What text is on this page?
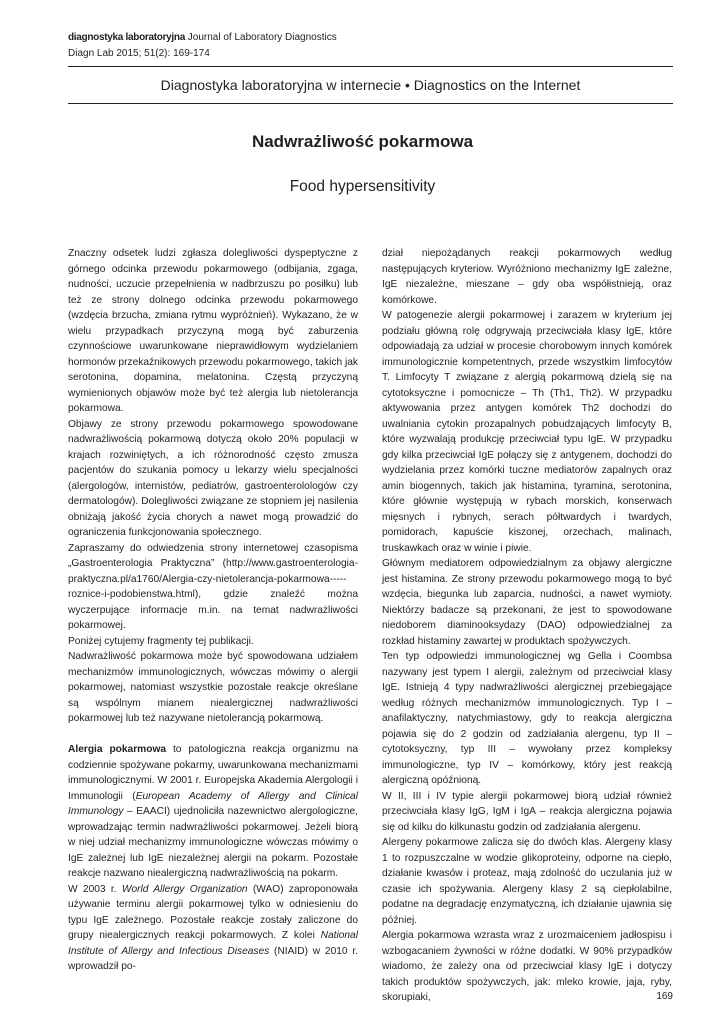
diagnostyka laboratoryjna Journal of Laboratory Diagnostics
Diagn Lab 2015; 51(2): 169-174
Diagnostyka laboratoryjna w internecie • Diagnostics on the Internet
Nadwrażliwość pokarmowa
Food hypersensitivity

Znaczny odsetek ludzi zgłasza dolegliwości dyspeptyczne z górnego odcinka przewodu pokarmowego (odbijania, zgaga, nudności, uczucie przepełnienia w nadbrzuszu po posiłku) lub też ze strony dolnego odcinka przewodu pokarmowego (wzdęcia brzucha, zmiana rytmu wypróżnień). Wykazano, że w wielu przypadkach przyczyną mogą być zaburzenia czynnościowe uwarunkowane nieprawidłowym wydzielaniem hormonów przekaźnikowych przewodu pokarmowego, takich jak serotonina, dopamina, melatonina. Częstą przyczyną wymienionych objawów może być też alergia lub nietolerancja pokarmowa.

Objawy ze strony przewodu pokarmowego spowodowane nadwrażliwością pokarmową dotyczą około 20% populacji w krajach rozwiniętych, a ich różnorodność często zmusza pacjentów do szukania pomocy u lekarzy wielu specjalności (alergologów, internistów, pediatrów, gastroenterolologów czy dermatologów). Dolegliwości związane ze stopniem jej nasilenia obniżają jakość życia chorych a nawet mogą prowadzić do ograniczenia funkcjonowania społecznego.

Zapraszamy do odwiedzenia strony internetowej czasopisma „Gastroenterologia Praktyczna” (http://www.gastroenterologia-praktyczna.pl/a1760/Alergia-czy-nietolerancja-pokarmowa-----roznice-i-podobienstwa.html), gdzie znaleźć można wyczerpujące informacje m.in. na temat nadwrażliwości pokarmowej.

Poniżej cytujemy fragmenty tej publikacji.

Nadwrażliwość pokarmowa może być spowodowana udziałem mechanizmów immunologicznych, wówczas mówimy o alergii pokarmowej, natomiast wszystkie pozostałe reakcje określane są wspólnym mianem niealergicznej nadwrażliwości pokarmowej lub też nazywane nietolerancją pokarmową.

Alergia pokarmowa to patologiczna reakcja organizmu na codziennie spożywane pokarmy, uwarunkowana mechanizmami immunologicznymi. W 2001 r. Europejska Akademia Alergologii i Immunologii (European Academy of Allergy and Clinical Immunology – EAACI) ujednoliciła nazewnictwo alergologiczne, wprowadzając termin nadwrażliwości pokarmowej. Jeżeli biorą w niej udział mechanizmy immunologiczne wówczas mówimy o IgE zależnej lub IgE niezależnej alergii na pokarm. Pozostałe reakcje nazwano niealergiczną nadwrażliwością na pokarm.

W 2003 r. World Allergy Organization (WAO) zaproponowała używanie terminu alergii pokarmowej tylko w odniesieniu do typu IgE zależnego. Pozostałe reakcje zostały zaliczone do grupy niealergicznych reakcji pokarmowych. Z kolei National Institute of Allergy and Infectious Diseases (NIAID) w 2010 r. wprowadził po-

dział niepożądanych reakcji pokarmowych według następujących kryteriow. Wyróżniono mechanizmy IgE zależne, IgE niezależne, mieszane – gdy oba współistnieją, oraz komórkowe.

W patogenezie alergii pokarmowej i zarazem w kryterium jej podziału główną rolę odgrywają przeciwciała klasy IgE, które odpowiadają za udział w procesie chorobowym innych komórek immunologicznie kompetentnych, przede wszystkim limfocytów T. Limfocyty T związane z alergią pokarmową dzielą się na cytotoksyczne i pomocnicze – Th (Th1, Th2). W przypadku aktywowania przez antygen komórek Th2 dochodzi do uwalniania cytokin prozapalnych pobudzających limfocyty B, które wyzwalają produkcję przeciwciał typu IgE. W przypadku gdy kilka przeciwciał IgE połączy się z antygenem, dochodzi do wydzielania przez komórki tuczne mediatorów zapalnych oraz amin biogennych, takich jak histamina, tyramina, serotonina, które głównie występują w rybach morskich, konserwach mięsnych i rybnych, serach półtwardych i twardych, pomidorach, kapuście kiszonej, orzechach, malinach, truskawkach oraz w winie i piwie.

Głównym mediatorem odpowiedzialnym za objawy alergiczne jest histamina. Ze strony przewodu pokarmowego mogą to być wzdęcia, biegunka lub zaparcia, nudności, a nawet wymioty. Niektórzy badacze są przekonani, że jest to spowodowane niedoborem diaminooksydazy (DAO) odpowiedzialnej za rozkład histaminy zawartej w produktach spożywczych.

Ten typ odpowiedzi immunologicznej wg Gella i Coombsa nazywany jest typem I alergii, zależnym od przeciwciał klasy IgE. Istnieją 4 typy nadwrażliwości alergicznej przebiegające według różnych mechanizmów immunologicznych. Typ I – anafilaktyczny, natychmiastowy, gdy to reakcja alergiczna pojawia się do 2 godzin od zadziałania alergenu, typ II – cytotoksyczny, typ III – wywołany przez kompleksy immunologiczne, typ IV – komórkowy, który jest reakcją alergiczną opóźnioną.

W II, III i IV typie alergii pokarmowej biorą udział również przeciwciała klasy IgG, IgM i IgA – reakcja alergiczna pojawia się od kilku do kilkunastu godzin od zadziałania alergenu.

Alergeny pokarmowe zalicza się do dwóch klas. Alergeny klasy 1 to rozpuszczalne w wodzie glikoproteiny, odporne na ciepło, działanie kwasów i proteaz, mają zdolność do uczulania już w czasie ich spożywania. Alergeny klasy 2 są ciepłolabilne, podatne na degradację enzymatyczną, ich działanie ujawnia się później.

Alergia pokarmowa wzrasta wraz z urozmaiceniem jadłospisu i wzbogacaniem żywności w różne dodatki. W 90% przypadków wiadomo, że zależy ona od przeciwciał klasy IgE i dotyczy takich produktów spożywczych, jak: mleko krowie, jaja, ryby, skorupiaki,	169
